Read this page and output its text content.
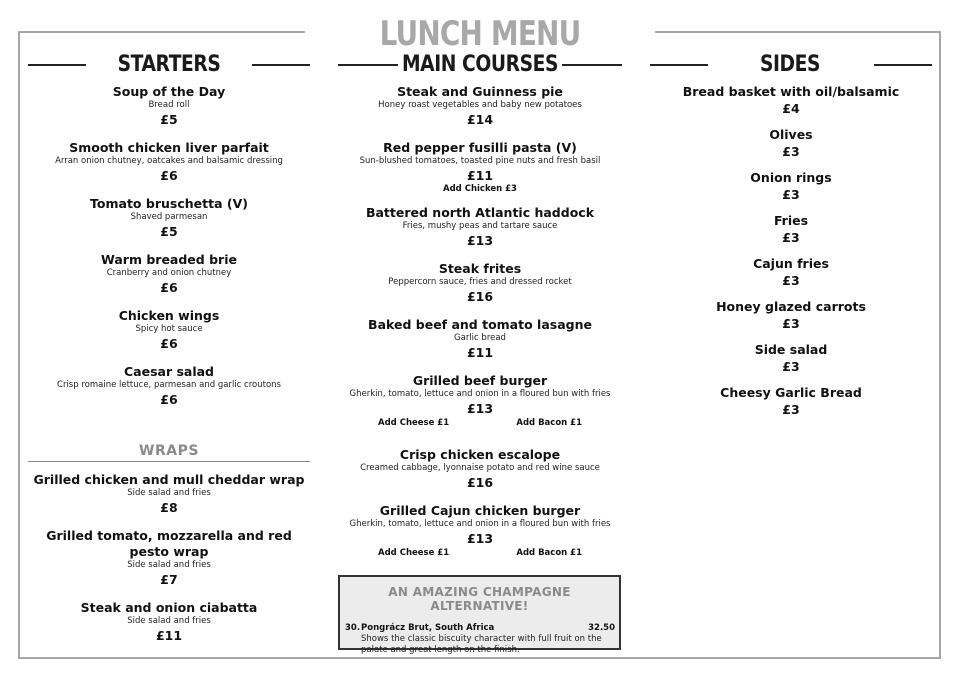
LUNCH MENU
STARTERS	MAIN COURSES	SIDES
Soup of the Day
Bread roll
£5
Smooth chicken liver parfait
Arran onion chutney, oatcakes and balsamic dressing
£6
Tomato bruschetta (V)
Shaved parmesan
£5
Warm breaded brie
Cranberry and onion chutney
£6
Chicken wings
Spicy hot sauce
£6
Caesar salad
Crisp romaine lettuce, parmesan and garlic croutons
£6
WRAPS
Grilled chicken and mull cheddar wrap
Side salad and fries
£8
Grilled tomato, mozzarella and red pesto wrap
Side salad and fries
£7
Steak and onion ciabatta
Side salad and fries
£11
Steak and Guinness pie
Honey roast vegetables and baby new potatoes
£14
Red pepper fusilli pasta (V)
Sun-blushed tomatoes, toasted pine nuts and fresh basil
£11
Add Chicken £3
Battered north Atlantic haddock
Fries, mushy peas and tartare sauce
£13
Steak frites
Peppercorn sauce, fries and dressed rocket
£16
Baked beef and tomato lasagne
Garlic bread
£11
Grilled beef burger
Gherkin, tomato, lettuce and onion in a floured bun with fries
£13
Add Cheese £1	Add Bacon £1
Crisp chicken escalope
Creamed cabbage, lyonnaise potato and red wine sauce
£16
Grilled Cajun chicken burger
Gherkin, tomato, lettuce and onion in a floured bun with fries
£13
Add Cheese £1	Add Bacon £1
AN AMAZING CHAMPAGNE ALTERNATIVE!
30. Pongrácz Brut, South Africa	32.50
Shows the classic biscuity character with full fruit on the palate and great length on the finish.
Bread basket with oil/balsamic
£4
Olives
£3
Onion rings
£3
Fries
£3
Cajun fries
£3
Honey glazed carrots
£3
Side salad
£3
Cheesy Garlic Bread
£3
